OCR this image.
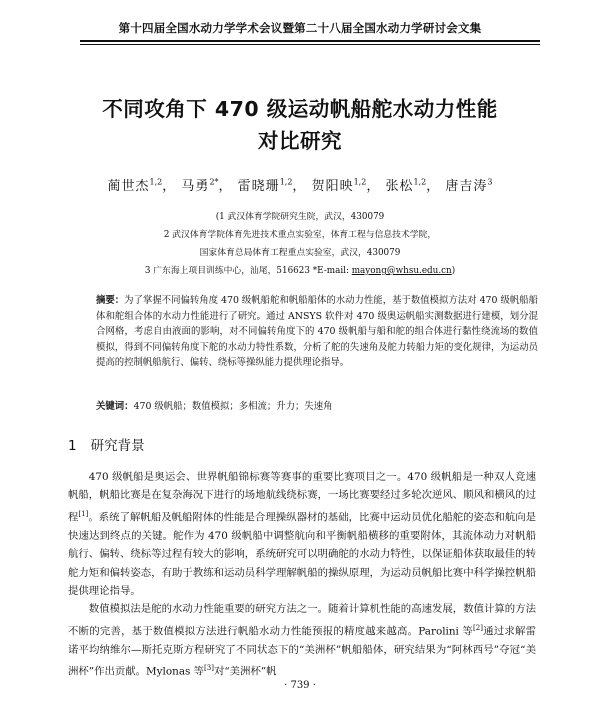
第十四届全国水动力学学术会议暨第二十八届全国水动力学研讨会文集
不同攻角下 470 级运动帆船舵水动力性能
对比研究
蔺世杰$^{1,2}$， 马勇$^{2*}$， 雷晓珊$^{1,2}$， 贺阳映$^{1,2}$， 张松$^{1,2}$， 唐吉涛$^3$
(1 武汉体育学院研究生院，武汉，430079
2 武汉体育学院体育先进技术重点实验室，体育工程与信息技术学院，
国家体育总局体育工程重点实验室，武汉，430079
3 广东海上项目训练中心，汕尾，516623 *E-mail: mayong@whsu.edu.cn)
摘要：为了掌握不同偏转角度 470 级帆船舵和帆船船体的水动力性能，基于数值模拟方法对 470 级帆船船体和舵组合体的水动力性能进行了研究。通过 ANSYS 软件对 470 级奥运帆船实测数据进行建模，划分混合网格，考虑自由液面的影响，对不同偏转角度下的 470 级帆船与船和舵的组合体进行黏性绕流场的数值模拟，得到不同偏转角度下舵的水动力特性系数，分析了舵的失速角及舵力转船力矩的变化规律，为运动员提高的控制帆船航行、偏转、绕标等操纵能力提供理论指导。
关键词：470 级帆船；数值模拟；多相流；升力；失速角
1 研究背景

470 级帆船是奥运会、世界帆船锦标赛等赛事的重要比赛项目之一。470 级帆船是一种双人竞速帆船，帆船比赛是在复杂海况下进行的场地航线绕标赛，一场比赛要经过多轮次逆风、顺风和横风的过程[1]。系统了解帆船及帆船附体的性能是合理操纵器材的基础，比赛中运动员优化船舵的姿态和航向是快速达到终点的关键。舵作为 470 级帆船中调整航向和平衡帆船横移的重要附体，其流体动力对帆船航行、偏转、绕标等过程有较大的影响，系统研究可以明确舵的水动力特性，以保证船体获取最佳的转舵力矩和偏转姿态，有助于教练和运动员科学理解帆船的操纵原理，为运动员帆船比赛中科学操控帆船提供理论指导。

数值模拟法是舵的水动力性能重要的研究方法之一。随着计算机性能的高速发展，数值计算的方法不断的完善，基于数值模拟方法进行帆船水动力性能预报的精度越来越高。Parolini 等[2]通过求解雷诺平均纳维尔—斯托克斯方程研究了不同状态下的“美洲杯”帆船船体，研究结果为“阿林西号”夺冠“美洲杯”作出贡献。Mylonas 等[3]对“美洲杯”帆

· 739 ·
